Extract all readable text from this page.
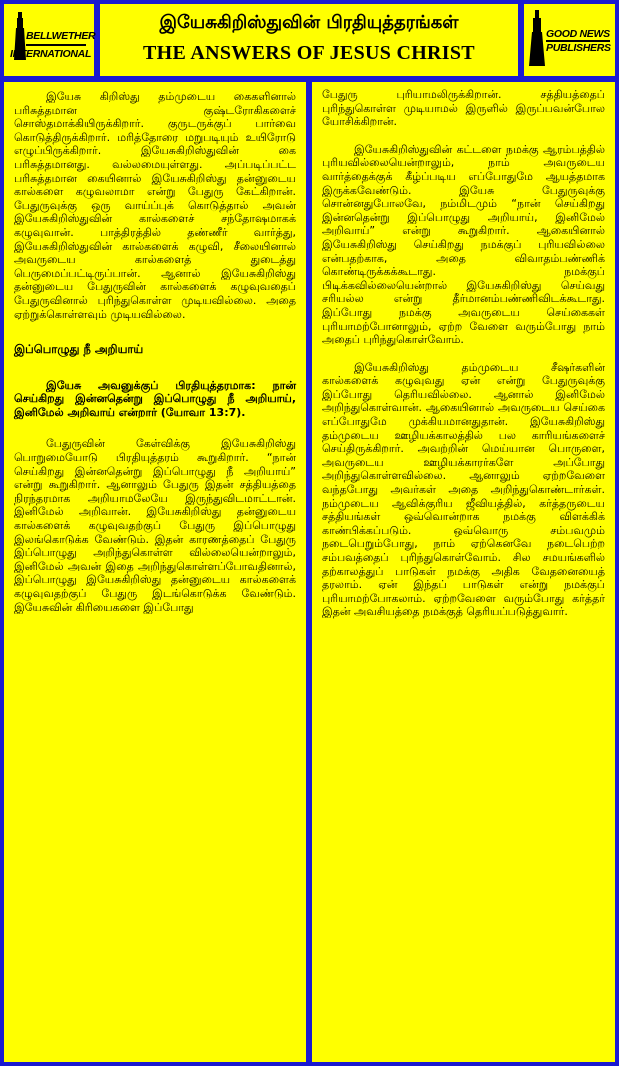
BELLWETHER
INTERNATIONAL
இயேசுகிறிஸ்துவின் பிரதியுத்தரங்கள்
THE ANSWERS OF JESUS CHRIST
GOOD NEWS
PUBLISHERS

இயேசு கிறிஸ்து தம்முடைய கைகளினால் பரிசுத்தமான குஷ்டரோகிகளைச் சொஸ்தமாக்கியிருக்கிறார். குருடருக்குப் பார்வை கொடுத்திருக்கிறார். மரித்தோரை மறுபடியும் உயிரோடு எழுப்பிருக்கிறார். இயேசுகிறிஸ்துவின் கை பரிசுத்தமானது. வல்லமையுள்ளது. அப்படிப்பட்ட பரிசுத்தமான கையினால் இயேசுகிறிஸ்து தன்னுடைய கால்களை கழுவலாமா என்று பேதுரு கேட்கிறான். பேதுருவுக்கு ஒரு வாய்ப்புக் கொடுத்தால் அவன் இயேசுகிறிஸ்துவின் கால்களைச் சந்தோஷமாகக் கழுவுவான். பாத்திரத்தில் தண்ணீர் வார்த்து, இயேசுகிறிஸ்துவின் கால்களைக் கழுவி, சீலையினால் அவருடைய கால்களைத் துடைத்து பெருமைப்பட்டிருப்பான். ஆனால் இயேசுகிறிஸ்து தன்னுடைய பேதுருவின் கால்களைக் கழுவுவதைப் பேதுருவினால் புரிந்துகொள்ள முடியவில்லை. அதை ஏற்றுக்கொள்ளவும் முடியவில்லை.

இப்பொழுது நீ அறியாய்

இயேசு அவனுக்குப் பிரதியுத்தரமாக: நான் செய்கிறது இன்னதென்று இப்பொழுது நீ அறியாய், இனிமேல் அறிவாய் என்றார் (யோவா 13:7).

பேதுருவின் கேள்விக்கு இயேசுகிறிஸ்து பொறுமையோடு பிரதியுத்தரம் கூறுகிறார். “நான் செய்கிறது இன்னதென்று இப்பொழுது நீ அறியாய்” என்று கூறுகிறார். ஆனாலும் பேதுரு இதன் சத்தியத்தை நிரந்தரமாக அறியாமலேயே இருந்துவிடமாட்டான். இனிமேல் அறிவான். இயேசுகிறிஸ்து தன்னுடைய கால்களைக் கழுவுவதற்குப் பேதுரு இப்பொழுது இலங்கொடுக்க வேண்டும். இதன் காரணத்தைப் பேதுரு இப்பொழுது அறிந்துகொள்ள வில்லையென்றாலும், இனிமேல் அவன் இதை அறிந்துகொள்ளப்போவதினால், இப்பொழுது இயேசுகிறிஸ்து தன்னுடைய கால்களைக் கழுவுவதற்குப் பேதுரு இடங்கொடுக்க வேண்டும். இயேசுவின் கிரியைகளை இப்போது

பேதுரு புரியாமலிருக்கிறான். சத்தியத்தைப் புரிந்துகொள்ள முடியாமல் இருளில் இருப்பவன்போல யோசிக்கிறான்.

இயேசுகிறிஸ்துவின் கட்டளை நமக்கு ஆரம்பத்தில் புரியவில்லையென்றாலும், நாம் அவருடைய வார்த்தைக்குக் கீழ்ப்படிய எப்போதுமே ஆயத்தமாக இருக்கவேண்டும். இயேசு பேதுருவுக்கு சொன்னதுபோலவே, நம்மிடமும் “நான் செய்கிறது இன்னதென்று இப்பொழுது அறியாய், இனிமேல் அறிவாய்” என்று கூறுகிறார். ஆகையினால் இயேசுகிறிஸ்து செய்கிறது நமக்குப் புரியவில்லை என்பதற்காக, அதை விவாதம்பண்ணிக் கொண்டிருக்கக்கூடாது. நமக்குப் பிடிக்கவில்லையென்றால் இயேசுகிறிஸ்து செய்வது சரியல்ல என்று தீர்மானம்பண்ணிவிடக்கூடாது. இப்போது நமக்கு அவருடைய செய்கைகள் புரியாமற்போனாலும், ஏற்ற வேளை வரும்போது நாம் அதைப் புரிந்துகொள்வோம்.

இயேசுகிறிஸ்து தம்முடைய சீஷர்களின் கால்களைக் கழுவுவது ஏன் என்று பேதுருவுக்கு இப்போது தெரியவில்லை. ஆனால் இனிமேல் அறிந்துகொள்வான். ஆகையினால் அவருடைய செய்கை எப்போதுமே முக்கியமானதுதான். இயேசுகிறிஸ்து தம்முடைய ஊழியக்காலத்தில் பல காரியங்களைச் செய்திருக்கிறார். அவற்றின் மெய்யான பொருளை, அவருடைய ஊழியக்காரர்களே அப்போது அறிந்துகொள்ளவில்லை. ஆனாலும் ஏற்றவேளை வந்தபோது அவர்கள் அதை அறிந்துகொண்டார்கள். நம்முடைய ஆவிக்குரிய ஜீவியத்தில், கர்த்தருடைய சத்தியங்கள் ஒவ்வொன்றாக நமக்கு விளக்கிக் காண்பிக்கப்படும். ஒவ்வொரு சம்பவமும் நடைபெறும்போது, நாம் ஏற்கெனவே நடைபெற்ற சம்பவத்தைப் புரிந்துகொள்வோம். சில சமயங்களில் தற்காலத்துப் பாடுகள் நமக்கு அதிக வேதனையைத் தரலாம். ஏன் இந்தப் பாடுகள் என்று நமக்குப் புரியாமற்போகலாம். ஏற்றவேளை வரும்போது கர்த்தர் இதன் அவசியத்தை நமக்குத் தெரியப்படுத்துவார்.
